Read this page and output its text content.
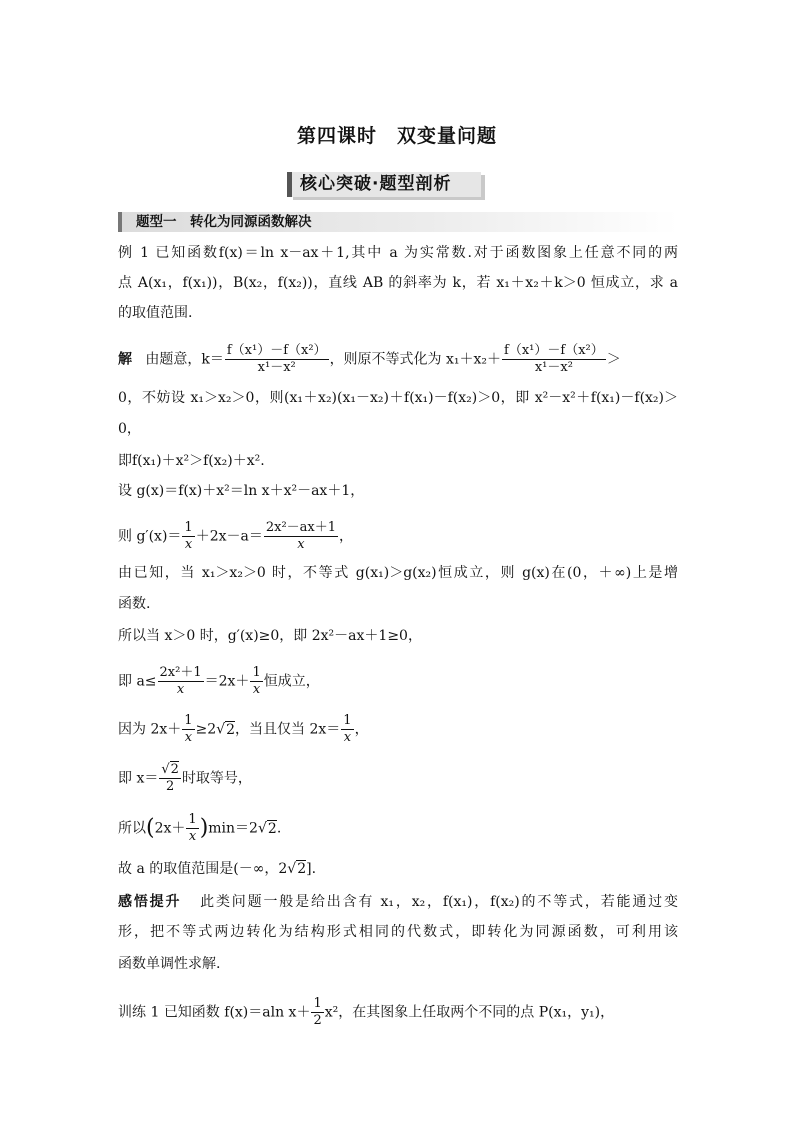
第四课时　双变量问题
核心突破·题型剖析
题型一　转化为同源函数解决
例 1 已知函数f(x)＝ln x－ax＋1,其中 a 为实常数.对于函数图象上任意不同的两
点 A(x₁，f(x₁))，B(x₂，f(x₂))，直线 AB 的斜率为 k，若 x₁＋x₂＋k＞0 恒成立，求 a
的取值范围.
解 由题意，$k= \frac{\text{f（x¹）－f（x²）}}{\text{x¹－x²}}$ ，则原不等式化为 $x_1+x_2+ \frac{\text{f（x¹）－f（x²）}}{\text{x¹－x²}}$ ＞
0，不妨设 x₁＞x₂＞0，则(x₁＋x₂)(x₁－x₂)＋f(x₁)－f(x₂)＞0，即 x²－x²＋f(x₁)－f(x₂)＞
0，
即f(x₁)＋x²＞f(x₂)＋x².
设 g(x)＝f(x)＋x²＝ln x＋x²－ax＋1，
则 $g'(x)= \frac{1}{x} +2x-a= \frac{\text{2x²－ax＋1}}{x}$ ，
由已知，当 x₁＞x₂＞0 时，不等式 g(x₁)＞g(x₂)恒成立，则 g(x)在(0，＋∞)上是增
函数.
所以当 x＞0 时，g′(x)≥0，即 2x²－ax＋1≥0，
即 $a\le \frac{\text{2x²＋1}}{x} =2x+ \frac{1}{x}$ 恒成立，
因为 $2x+ \frac{1}{x} \ge 2√2$，当且仅当 $2x= \frac{1}{x}$ ，
即 $x= \frac{√2}{2}$ 时取等号，
所以$(2x+ \frac{1}{x} )\min=2√2$.
故 a 的取值范围是(－∞，2√2].
感悟提升 此类问题一般是给出含有 x₁，x₂，f(x₁)，f(x₂)的不等式，若能通过变
形，把不等式两边转化为结构形式相同的代数式，即转化为同源函数，可利用该
函数单调性求解.
训练 1 已知函数 f(x)＝aln $x+ \frac{1}{2} x^2$，在其图象上任取两个不同的点 P(x₁，y₁)，
